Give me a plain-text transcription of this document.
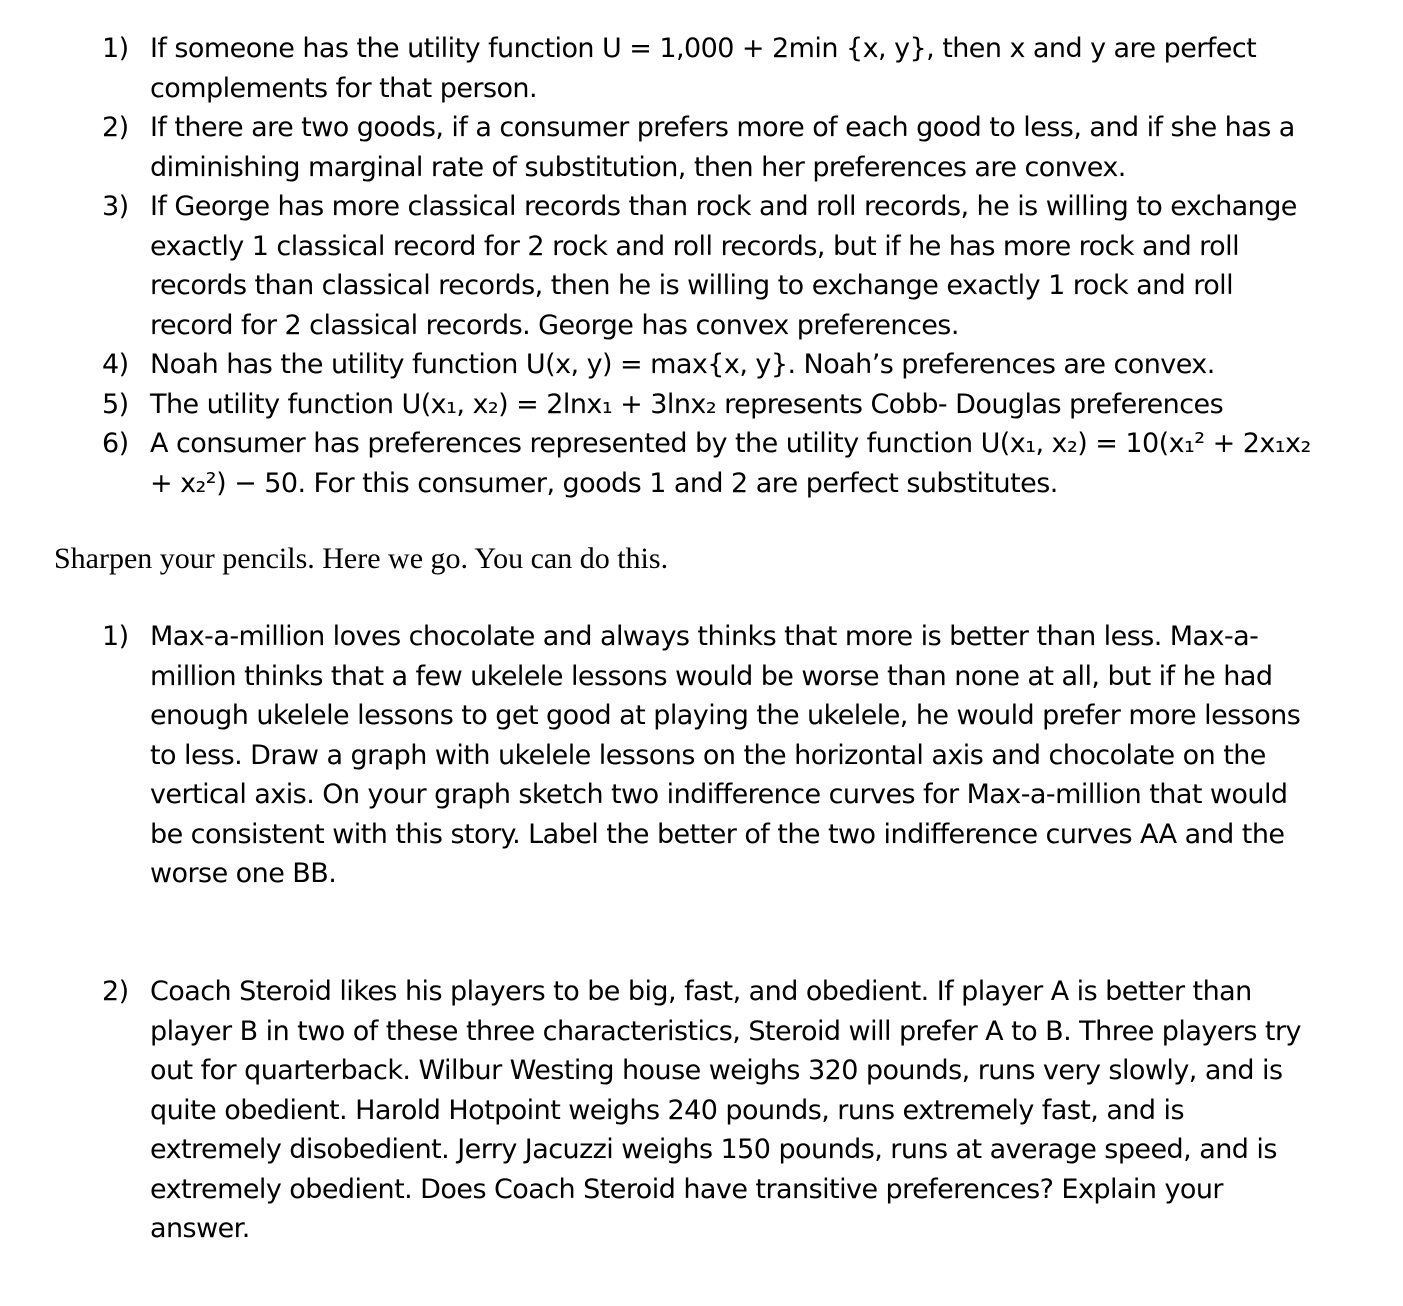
1) If someone has the utility function U = 1,000 + 2min {x, y}, then x and y are perfect
complements for that person.
2) If there are two goods, if a consumer prefers more of each good to less, and if she has a
diminishing marginal rate of substitution, then her preferences are convex.
3) If George has more classical records than rock and roll records, he is willing to exchange
exactly 1 classical record for 2 rock and roll records, but if he has more rock and roll
records than classical records, then he is willing to exchange exactly 1 rock and roll
record for 2 classical records. George has convex preferences.
4) Noah has the utility function U(x, y) = max{x, y}. Noah’s preferences are convex.
5) The utility function U(x₁, x₂) = 2lnx₁ + 3lnx₂ represents Cobb- Douglas preferences
6) A consumer has preferences represented by the utility function U(x₁, x₂) = 10(x₁² + 2x₁x₂
+ x₂²) − 50. For this consumer, goods 1 and 2 are perfect substitutes.
Sharpen your pencils. Here we go. You can do this.
1) Max-a-million loves chocolate and always thinks that more is better than less. Max-a-
million thinks that a few ukelele lessons would be worse than none at all, but if he had
enough ukelele lessons to get good at playing the ukelele, he would prefer more lessons
to less. Draw a graph with ukelele lessons on the horizontal axis and chocolate on the
vertical axis. On your graph sketch two indifference curves for Max-a-million that would
be consistent with this story. Label the better of the two indifference curves AA and the
worse one BB.
2) Coach Steroid likes his players to be big, fast, and obedient. If player A is better than
player B in two of these three characteristics, Steroid will prefer A to B. Three players try
out for quarterback. Wilbur Westing house weighs 320 pounds, runs very slowly, and is
quite obedient. Harold Hotpoint weighs 240 pounds, runs extremely fast, and is
extremely disobedient. Jerry Jacuzzi weighs 150 pounds, runs at average speed, and is
extremely obedient. Does Coach Steroid have transitive preferences? Explain your
answer.
